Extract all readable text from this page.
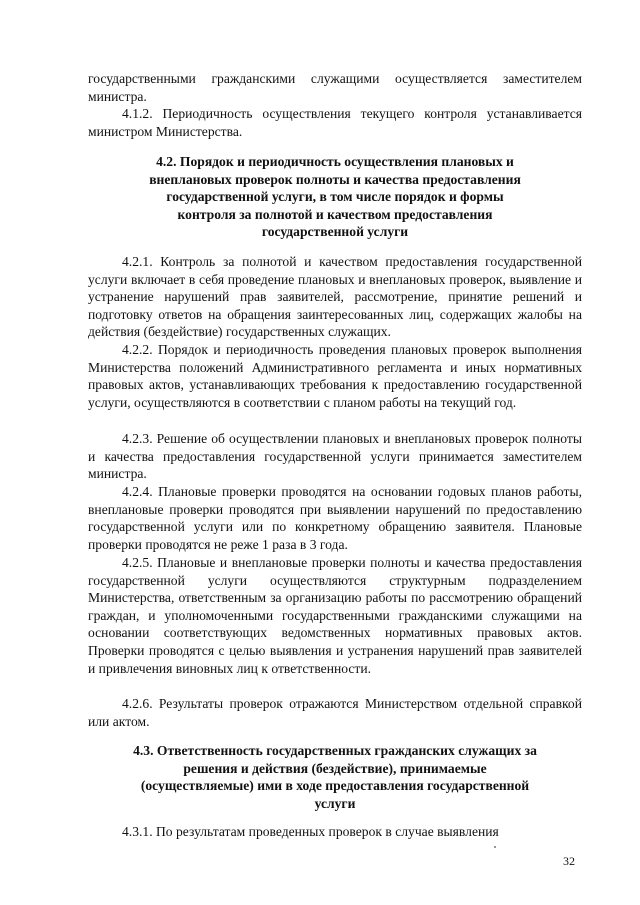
государственными гражданскими служащими осуществляется заместителем министра.

4.1.2. Периодичность осуществления текущего контроля устанавливается министром Министерства.

4.2. Порядок и периодичность осуществления плановых и внеплановых проверок полноты и качества предоставления государственной услуги, в том числе порядок и формы контроля за полнотой и качеством предоставления государственной услуги

4.2.1. Контроль за полнотой и качеством предоставления государственной услуги включает в себя проведение плановых и внеплановых проверок, выявление и устранение нарушений прав заявителей, рассмотрение, принятие решений и подготовку ответов на обращения заинтересованных лиц, содержащих жалобы на действия (бездействие) государственных служащих.

4.2.2. Порядок и периодичность проведения плановых проверок выполнения Министерства положений Административного регламента и иных нормативных правовых актов, устанавливающих требования к предоставлению государственной услуги, осуществляются в соответствии с планом работы на текущий год.

4.2.3. Решение об осуществлении плановых и внеплановых проверок полноты и качества предоставления государственной услуги принимается заместителем министра.

4.2.4. Плановые проверки проводятся на основании годовых планов работы, внеплановые проверки проводятся при выявлении нарушений по предоставлению государственной услуги или по конкретному обращению заявителя. Плановые проверки проводятся не реже 1 раза в 3 года.

4.2.5. Плановые и внеплановые проверки полноты и качества предоставления государственной услуги осуществляются структурным подразделением Министерства, ответственным за организацию работы по рассмотрению обращений граждан, и уполномоченными государственными гражданскими служащими на основании соответствующих ведомственных нормативных правовых актов. Проверки проводятся с целью выявления и устранения нарушений прав заявителей и привлечения виновных лиц к ответственности.

4.2.6. Результаты проверок отражаются Министерством отдельной справкой или актом.

4.3. Ответственность государственных гражданских служащих за решения и действия (бездействие), принимаемые (осуществляемые) ими в ходе предоставления государственной услуги

4.3.1. По результатам проведенных проверок в случае выявления

32
